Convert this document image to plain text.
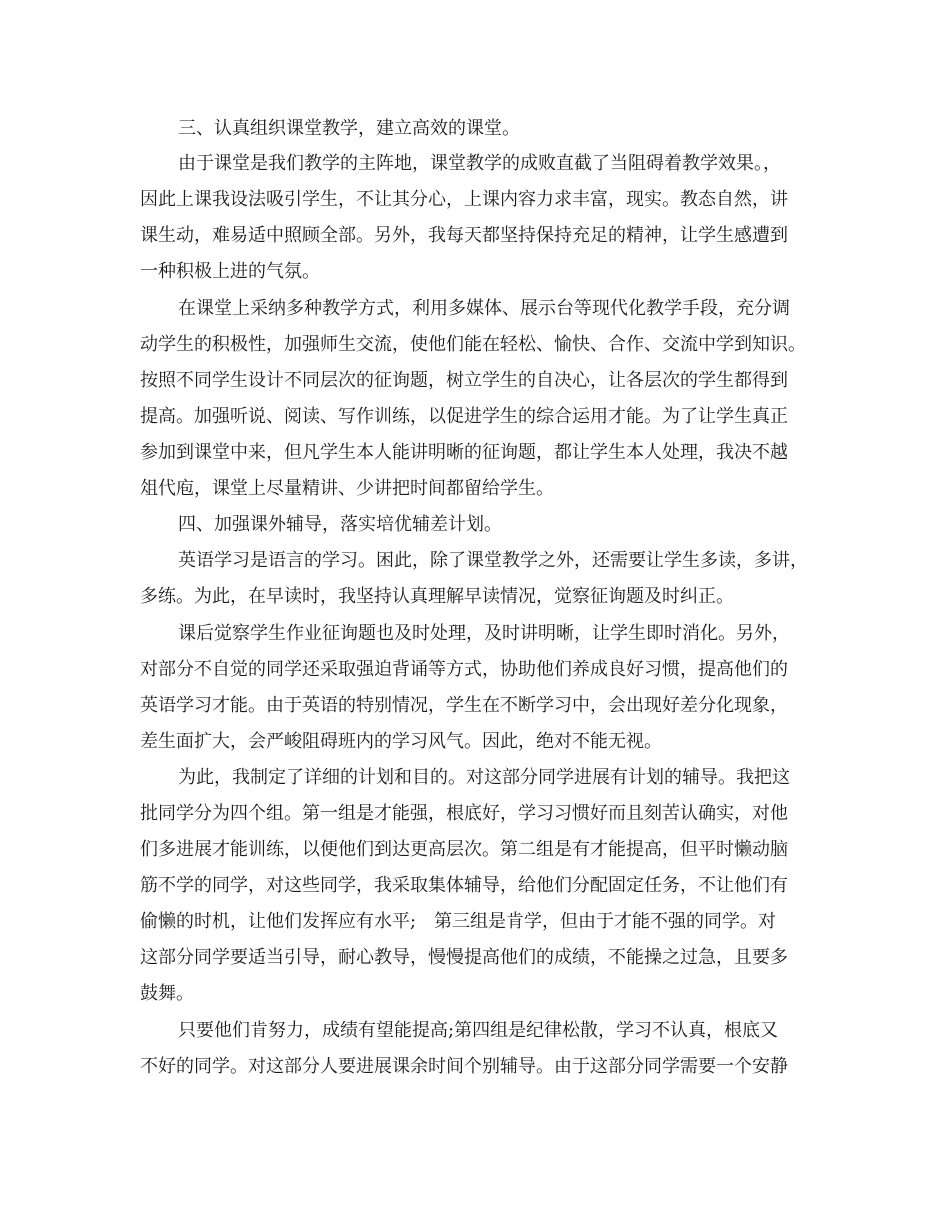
三、认真组织课堂教学，建立高效的课堂。
由于课堂是我们教学的主阵地，课堂教学的成败直截了当阻碍着教学效果。，
因此上课我设法吸引学生，不让其分心，上课内容力求丰富，现实。教态自然，讲
课生动，难易适中照顾全部。另外，我每天都坚持保持充足的精神，让学生感遭到
一种积极上进的气氛。
在课堂上采纳多种教学方式，利用多媒体、展示台等现代化教学手段，充分调
动学生的积极性，加强师生交流，使他们能在轻松、愉快、合作、交流中学到知识。
按照不同学生设计不同层次的征询题，树立学生的自决心，让各层次的学生都得到
提高。加强听说、阅读、写作训练，以促进学生的综合运用才能。为了让学生真正
参加到课堂中来，但凡学生本人能讲明晰的征询题，都让学生本人处理，我决不越
俎代庖，课堂上尽量精讲、少讲把时间都留给学生。
四、加强课外辅导，落实培优辅差计划。
英语学习是语言的学习。困此，除了课堂教学之外，还需要让学生多读，多讲，
多练。为此，在早读时，我坚持认真理解早读情况，觉察征询题及时纠正。
课后觉察学生作业征询题也及时处理，及时讲明晰，让学生即时消化。另外，
对部分不自觉的同学还采取强迫背诵等方式，协助他们养成良好习惯，提高他们的
英语学习才能。由于英语的特别情况，学生在不断学习中，会出现好差分化现象，
差生面扩大，会严峻阻碍班内的学习风气。因此，绝对不能无视。
为此，我制定了详细的计划和目的。对这部分同学进展有计划的辅导。我把这
批同学分为四个组。第一组是才能强，根底好，学习习惯好而且刻苦认确实，对他
们多进展才能训练，以便他们到达更高层次。第二组是有才能提高，但平时懒动脑
筋不学的同学，对这些同学，我采取集体辅导，给他们分配固定任务，不让他们有
偷懒的时机，让他们发挥应有水平;　第三组是肯学，但由于才能不强的同学。对
这部分同学要适当引导，耐心教导，慢慢提高他们的成绩，不能操之过急，且要多
鼓舞。
只要他们肯努力，成绩有望能提高;第四组是纪律松散，学习不认真，根底又
不好的同学。对这部分人要进展课余时间个别辅导。由于这部分同学需要一个安静
